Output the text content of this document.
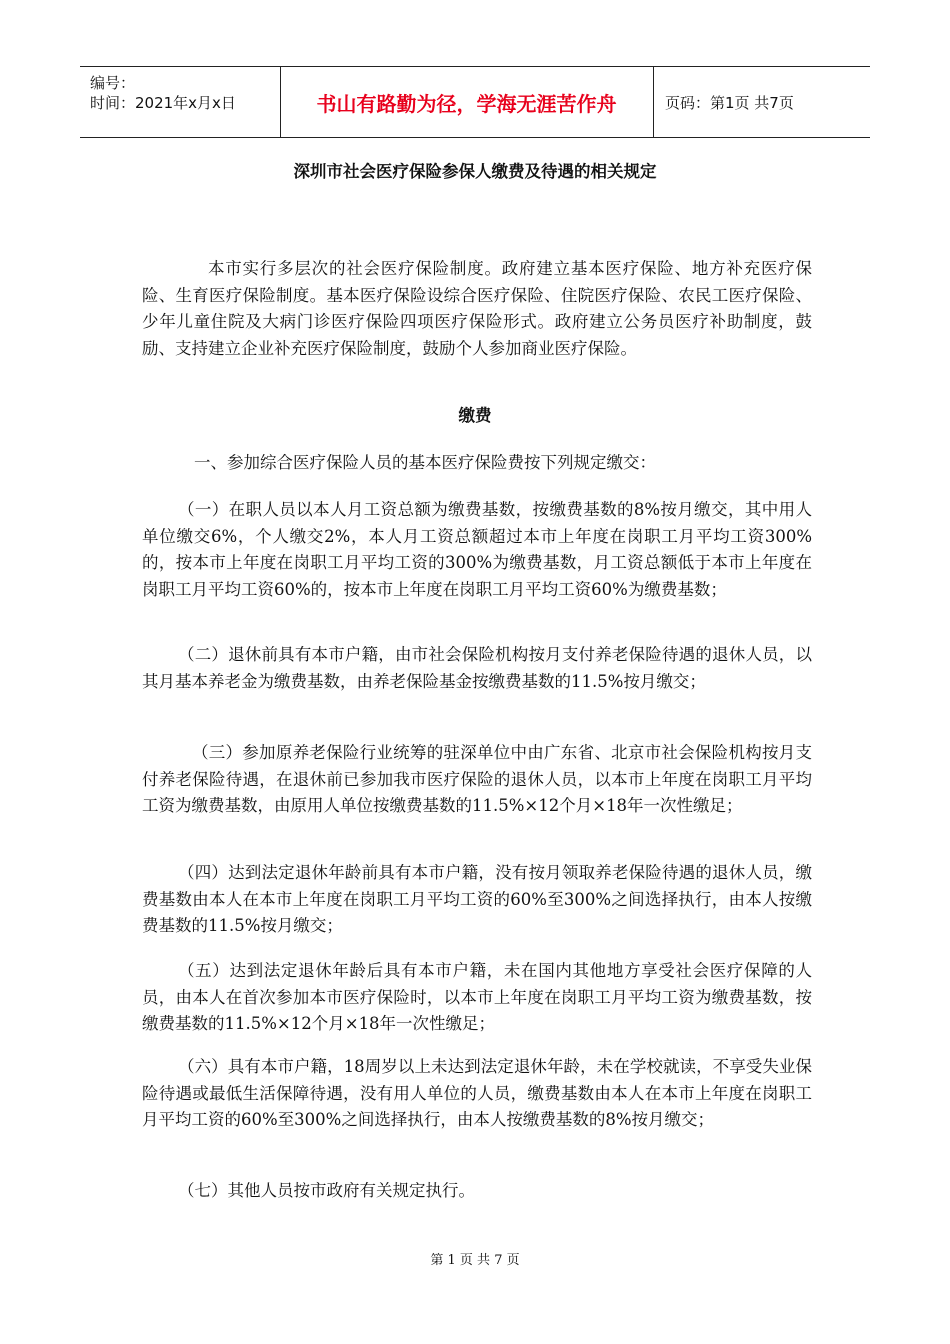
编号：
时间：2021年x月x日	书山有路勤为径，学海无涯苦作舟	页码：第1页 共7页
深圳市社会医疗保险参保人缴费及待遇的相关规定
本市实行多层次的社会医疗保险制度。政府建立基本医疗保险、地方补充医疗保险、生育医疗保险制度。基本医疗保险设综合医疗保险、住院医疗保险、农民工医疗保险、少年儿童住院及大病门诊医疗保险四项医疗保险形式。政府建立公务员医疗补助制度，鼓励、支持建立企业补充医疗保险制度，鼓励个人参加商业医疗保险。
缴费
一、参加综合医疗保险人员的基本医疗保险费按下列规定缴交：
（一）在职人员以本人月工资总额为缴费基数，按缴费基数的8%按月缴交，其中用人单位缴交6%，个人缴交2%，本人月工资总额超过本市上年度在岗职工月平均工资300%的，按本市上年度在岗职工月平均工资的300%为缴费基数，月工资总额低于本市上年度在岗职工月平均工资60%的，按本市上年度在岗职工月平均工资60%为缴费基数；
（二）退休前具有本市户籍，由市社会保险机构按月支付养老保险待遇的退休人员，以其月基本养老金为缴费基数，由养老保险基金按缴费基数的11.5%按月缴交；
（三）参加原养老保险行业统筹的驻深单位中由广东省、北京市社会保险机构按月支付养老保险待遇，在退休前已参加我市医疗保险的退休人员，以本市上年度在岗职工月平均工资为缴费基数，由原用人单位按缴费基数的11.5%×12个月×18年一次性缴足；
（四）达到法定退休年龄前具有本市户籍，没有按月领取养老保险待遇的退休人员，缴费基数由本人在本市上年度在岗职工月平均工资的60%至300%之间选择执行，由本人按缴费基数的11.5%按月缴交；
（五）达到法定退休年龄后具有本市户籍，未在国内其他地方享受社会医疗保障的人员，由本人在首次参加本市医疗保险时，以本市上年度在岗职工月平均工资为缴费基数，按缴费基数的11.5%×12个月×18年一次性缴足；
（六）具有本市户籍，18周岁以上未达到法定退休年龄，未在学校就读，不享受失业保险待遇或最低生活保障待遇，没有用人单位的人员，缴费基数由本人在本市上年度在岗职工月平均工资的60%至300%之间选择执行，由本人按缴费基数的8%按月缴交；
（七）其他人员按市政府有关规定执行。
第 1 页 共 7 页
